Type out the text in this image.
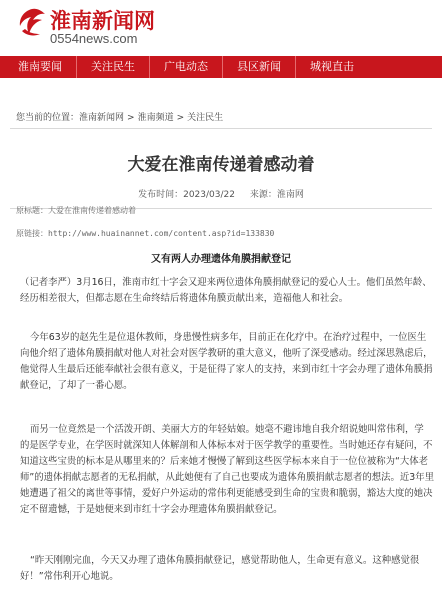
淮南新闻网
0554news.com
淮南要闻	关注民生	广电动态	县区新闻	城视直击
您当前的位置：淮南新闻网 > 淮南频道 > 关注民生
大爱在淮南传递着感动着
发布时间：2023/03/22 来源：淮南网
原标题：大爱在淮南传递着感动着
原链接：http://www.huainannet.com/content.asp?id=133830
又有两人办理遗体角膜捐献登记

（记者李严）3月16日，淮南市红十字会又迎来两位遗体角膜捐献登记的爱心人士。他们虽然年龄、

经历相差很大，但都志愿在生命终结后将遗体角膜贡献出来，造福他人和社会。

今年63岁的赵先生是位退休教师，身患慢性病多年，目前正在化疗中。在治疗过程中，一位医生

向他介绍了遗体角膜捐献对他人对社会对医学教研的重大意义，他听了深受感动。经过深思熟虑后，

他觉得人生最后还能奉献社会很有意义，于是征得了家人的支持，来到市红十字会办理了遗体角膜捐

献登记，了却了一番心愿。

而另一位竟然是一个活泼开朗、美丽大方的年轻姑娘。她毫不避讳地自我介绍说她叫常伟利，学

的是医学专业，在学医时就深知人体解剖和人体标本对于医学教学的重要性。当时她还存有疑问，不

知道这些宝贵的标本是从哪里来的？后来她才慢慢了解到这些医学标本来自于一位位被称为“大体老

师”的遗体捐献志愿者的无私捐献，从此她便有了自己也要成为遗体角膜捐献志愿者的想法。近3年里

她遭遇了祖父的离世等事情，爱好户外运动的常伟利更能感受到生命的宝贵和脆弱，豁达大度的她决

定不留遗憾，于是她便来到市红十字会办理遗体角膜捐献登记。

“昨天刚刚完血，今天又办理了遗体角膜捐献登记，感觉帮助他人，生命更有意义。这种感觉很

好！”常伟利开心地说。
